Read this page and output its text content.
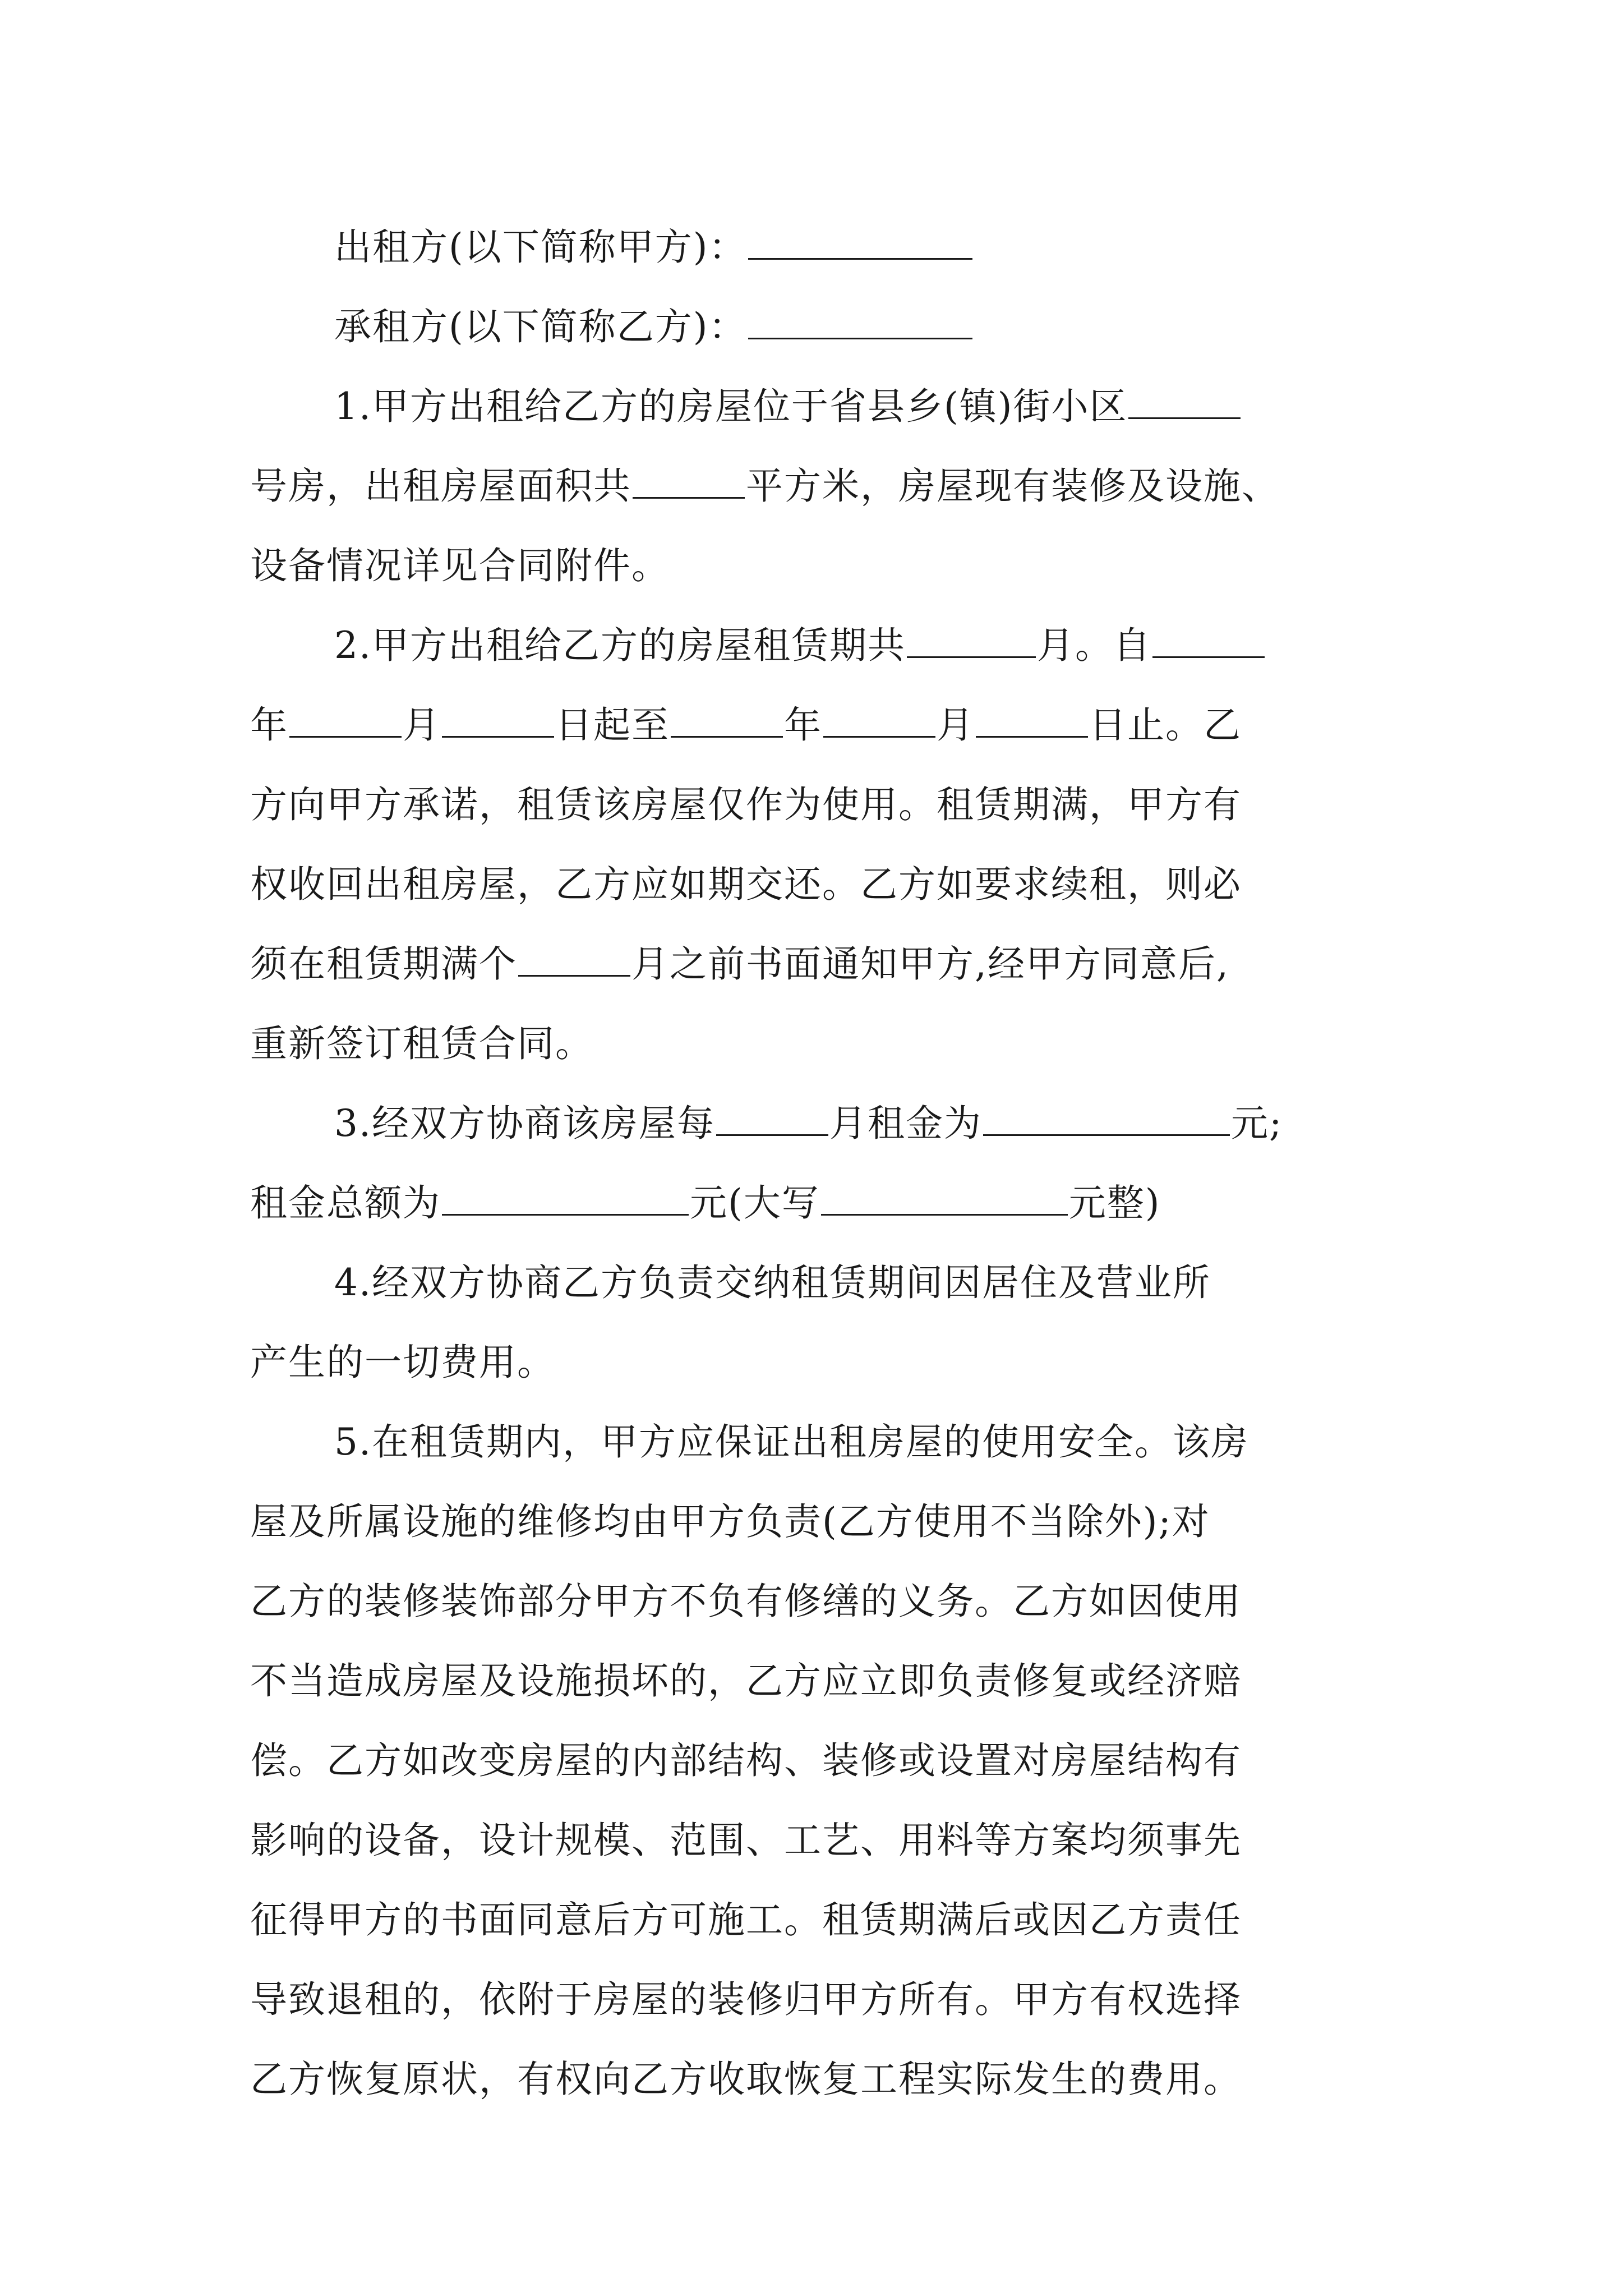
出租方(以下简称甲方)：
承租方(以下简称乙方)：
1.甲方出租给乙方的房屋位于省县乡(镇)街小区
号房，出租房屋面积共	平方米，房屋现有装修及设施、
设备情况详见合同附件。
2.甲方出租给乙方的房屋租赁期共	月。自
年	月	日起至	年	月	日止。乙
方向甲方承诺，租赁该房屋仅作为使用。租赁期满，甲方有
权收回出租房屋，乙方应如期交还。乙方如要求续租，则必
须在租赁期满个	月之前书面通知甲方,经甲方同意后,
重新签订租赁合同。
3.经双方协商该房屋每	月租金为	元;
租金总额为	元(大写	元整)
4.经双方协商乙方负责交纳租赁期间因居住及营业所
产生的一切费用。
5.在租赁期内，甲方应保证出租房屋的使用安全。该房
屋及所属设施的维修均由甲方负责(乙方使用不当除外);对
乙方的装修装饰部分甲方不负有修缮的义务。乙方如因使用
不当造成房屋及设施损坏的，乙方应立即负责修复或经济赔
偿。乙方如改变房屋的内部结构、装修或设置对房屋结构有
影响的设备，设计规模、范围、工艺、用料等方案均须事先
征得甲方的书面同意后方可施工。租赁期满后或因乙方责任
导致退租的，依附于房屋的装修归甲方所有。甲方有权选择
乙方恢复原状，有权向乙方收取恢复工程实际发生的费用。
